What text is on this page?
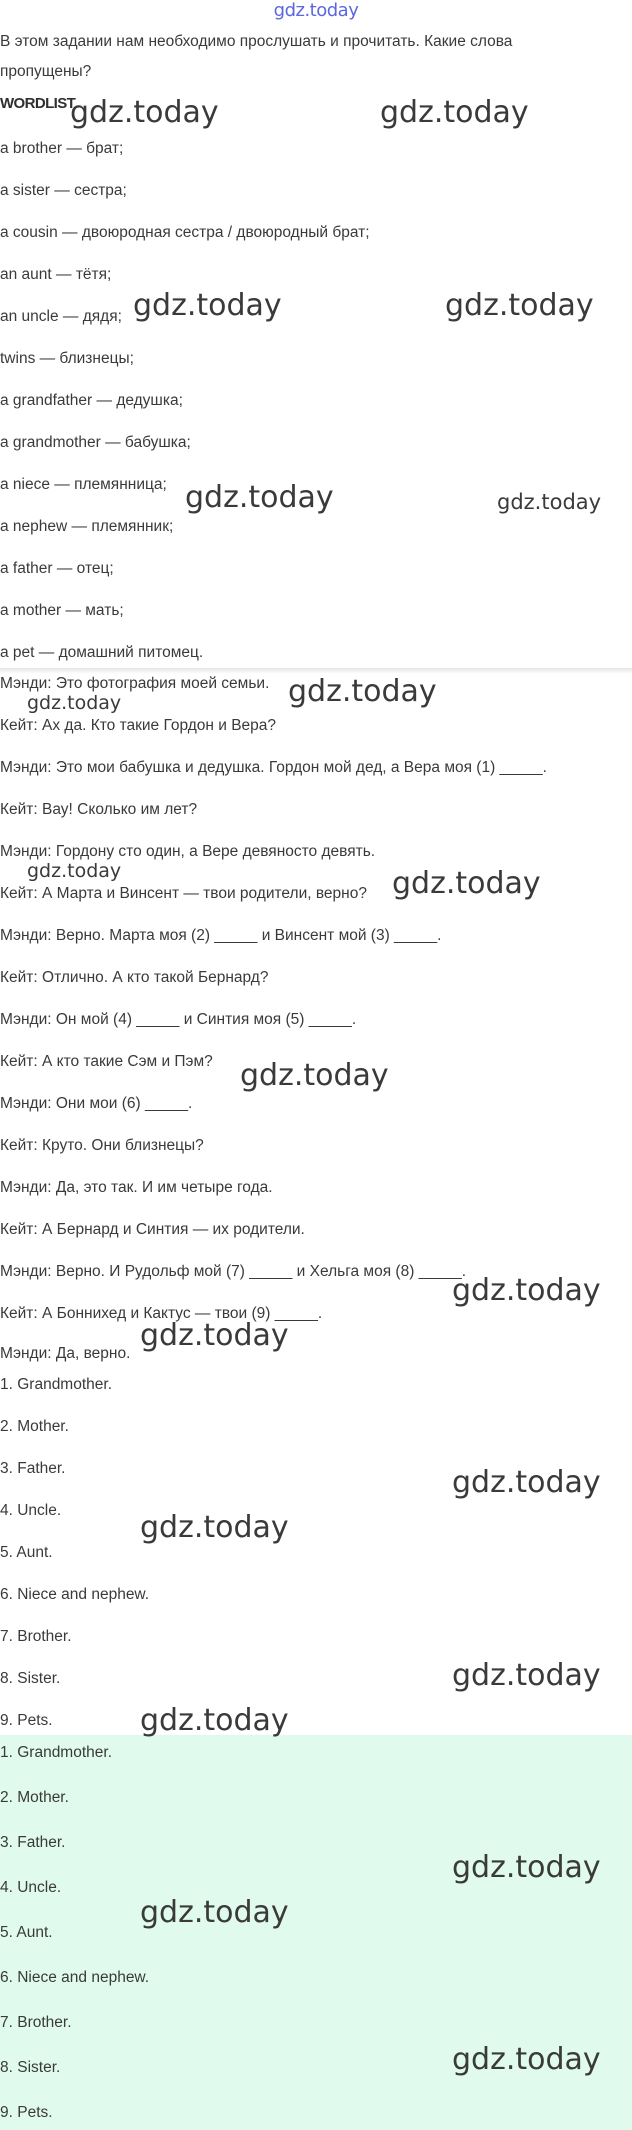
gdz.today

В этом задании нам необходимо прослушать и прочитать. Какие слова пропущены?

WORDLIST
a brother — брат;
a sister — сестра;
a cousin — двоюродная сестра / двоюродный брат;
an aunt — тётя;
an uncle — дядя;
twins — близнецы;
a grandfather — дедушка;
a grandmother — бабушка;
a niece — племянница;
a nephew — племянник;
a father — отец;
a mother — мать;
a pet — домашний питомец.
Мэнди: Это фотография моей семьи.
Кейт: Ах да. Кто такие Гордон и Вера?
Мэнди: Это мои бабушка и дедушка. Гордон мой дед, а Вера моя (1) _____.
Кейт: Вау! Сколько им лет?
Мэнди: Гордону сто один, а Вере девяносто девять.
Кейт: А Марта и Винсент — твои родители, верно?
Мэнди: Верно. Марта моя (2) _____ и Винсент мой (3) _____.
Кейт: Отлично. А кто такой Бернард?
Мэнди: Он мой (4) _____ и Синтия моя (5) _____.
Кейт: А кто такие Сэм и Пэм?
Мэнди: Они мои (6) _____.
Кейт: Круто. Они близнецы?
Мэнди: Да, это так. И им четыре года.
Кейт: А Бернард и Синтия — их родители.
Мэнди: Верно. И Рудольф мой (7) _____ и Хельга моя (8) _____.
Кейт: А Боннихед и Кактус — твои (9) _____.
Мэнди: Да, верно.
1. Grandmother.
2. Mother.
3. Father.
4. Uncle.
5. Aunt.
6. Niece and nephew.
7. Brother.
8. Sister.
9. Pets.
1. Grandmother.
2. Mother.
3. Father.
4. Uncle.
5. Aunt.
6. Niece and nephew.
7. Brother.
8. Sister.
9. Pets.
gdz.today	gdz.today
gdz.today	gdz.today
gdz.today	gdz.today
gdz.today	gdz.today
gdz.today	gdz.today
gdz.today
gdz.today
gdz.today
gdz.today
gdz.today
gdz.today
gdz.today
gdz.today
gdz.today
gdz.today
